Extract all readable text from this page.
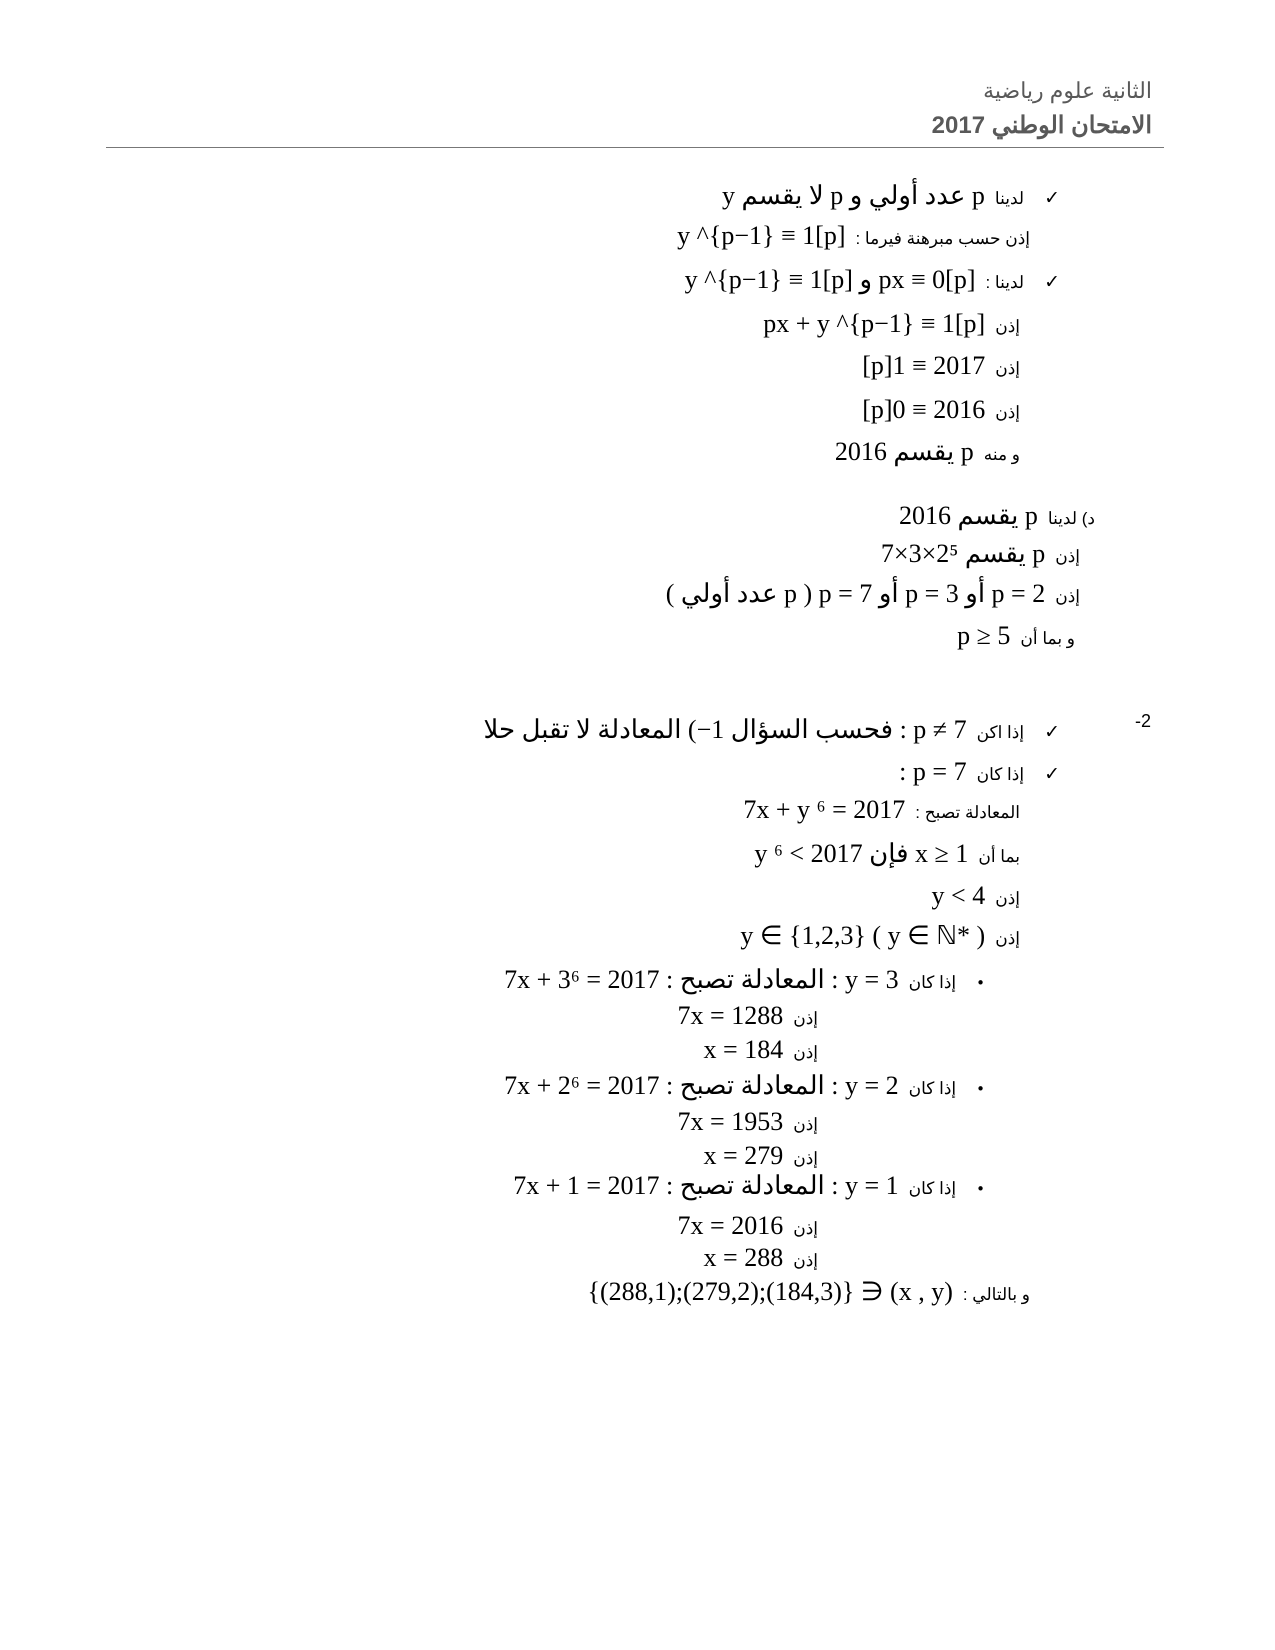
الثانية علوم رياضية
الامتحان الوطني 2017
-2
✓لديناp عدد أولي و p لا يقسم y
إذن حسب مبرهنة فيرما :y ^{p−1} ≡ 1[p]
✓لدينا :px ≡ 0[p] و y ^{p−1} ≡ 1[p]
إذنpx + y ^{p−1} ≡ 1[p]
إذن2017 ≡ 1[p]
إذن2016 ≡ 0[p]
و منهp يقسم 2016
د) لديناp يقسم 2016
إذنp يقسم 2⁵×3×7
إذنp = 2 أو p = 3 أو p = 7 ( p عدد أولي )
و بما أنp ≥ 5
✓إذا اكنp ≠ 7 : فحسب السؤال 1−) المعادلة لا تقبل حلا
✓إذا كانp = 7 :
المعادلة تصبح :7x + y ⁶ = 2017
بما أنx ≥ 1 فإن y ⁶ < 2017
إذنy < 4
إذنy ∈ {1,2,3} ( y ∈ ℕ* )
•إذا كانy = 3 : المعادلة تصبح : 7x + 3⁶ = 2017
إذن7x = 1288
إذنx = 184
•إذا كانy = 2 : المعادلة تصبح : 7x + 2⁶ = 2017
إذن7x = 1953
إذنx = 279
•إذا كانy = 1 : المعادلة تصبح : 7x + 1 = 2017
إذن7x = 2016
إذنx = 288
و بالتالي :(x , y) ∈ {(184,3);(279,2);(288,1)}
